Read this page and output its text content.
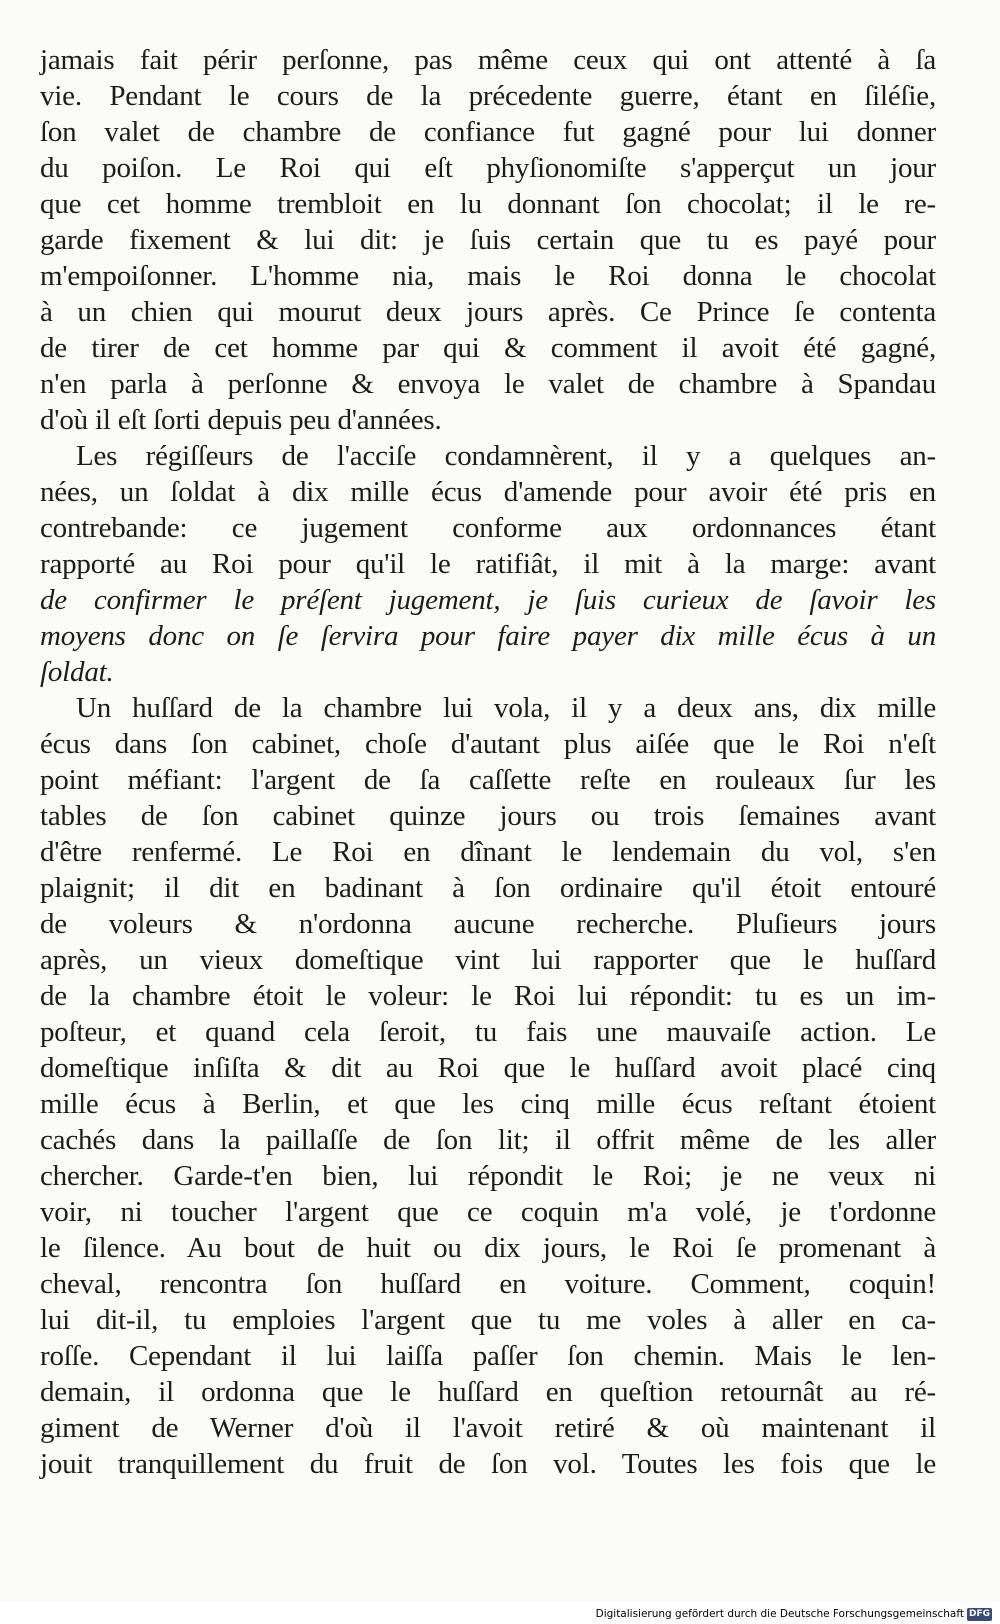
jamais fait périr perſonne, pas même ceux qui ont attenté à ſa
vie. Pendant le cours de la précedente guerre, étant en ſiléſie,
ſon valet de chambre de confiance fut gagné pour lui donner
du poiſon. Le Roi qui eſt phyſionomiſte s'apperçut un jour
que cet homme trembloit en lu donnant ſon chocolat; il le re-
garde fixement & lui dit: je ſuis certain que tu es payé pour
m'empoiſonner. L'homme nia, mais le Roi donna le chocolat
à un chien qui mourut deux jours après. Ce Prince ſe contenta
de tirer de cet homme par qui & comment il avoit été gagné,
n'en parla à perſonne & envoya le valet de chambre à Spandau
d'où il eſt ſorti depuis peu d'années.
Les régiſſeurs de l'acciſe condamnèrent, il y a quelques an-
nées, un ſoldat à dix mille écus d'amende pour avoir été pris en
contrebande: ce jugement conforme aux ordonnances étant
rapporté au Roi pour qu'il le ratifiât, il mit à la marge: avant
de confirmer le préſent jugement, je ſuis curieux de ſavoir les
moyens donc on ſe ſervira pour faire payer dix mille écus à un
ſoldat.
Un huſſard de la chambre lui vola, il y a deux ans, dix mille
écus dans ſon cabinet, choſe d'autant plus aiſée que le Roi n'eſt
point méfiant: l'argent de ſa caſſette reſte en rouleaux ſur les
tables de ſon cabinet quinze jours ou trois ſemaines avant
d'être renfermé. Le Roi en dînant le lendemain du vol, s'en
plaignit; il dit en badinant à ſon ordinaire qu'il étoit entouré
de voleurs & n'ordonna aucune recherche. Pluſieurs jours
après, un vieux domeſtique vint lui rapporter que le huſſard
de la chambre étoit le voleur: le Roi lui répondit: tu es un im-
poſteur, et quand cela ſeroit, tu fais une mauvaiſe action. Le
domeſtique inſiſta & dit au Roi que le huſſard avoit placé cinq
mille écus à Berlin, et que les cinq mille écus reſtant étoient
cachés dans la paillaſſe de ſon lit; il offrit même de les aller
chercher. Garde-t'en bien, lui répondit le Roi; je ne veux ni
voir, ni toucher l'argent que ce coquin m'a volé, je t'ordonne
le ſilence. Au bout de huit ou dix jours, le Roi ſe promenant à
cheval, rencontra ſon huſſard en voiture. Comment, coquin!
lui dit-il, tu emploies l'argent que tu me voles à aller en ca-
roſſe. Cependant il lui laiſſa paſſer ſon chemin. Mais le len-
demain, il ordonna que le huſſard en queſtion retournât au ré-
giment de Werner d'où il l'avoit retiré & où maintenant il
jouit tranquillement du fruit de ſon vol. Toutes les fois que le
Digitalisierung gefördert durch die Deutsche Forschungsgemeinschaft DFG
